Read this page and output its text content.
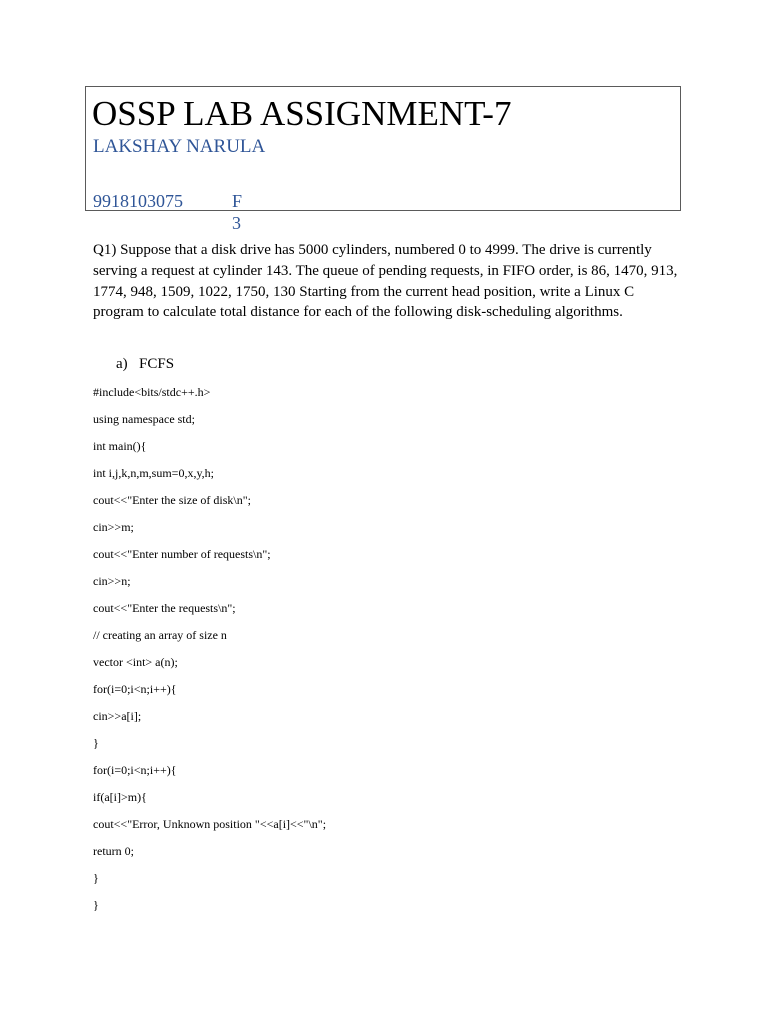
OSSP LAB ASSIGNMENT-7
LAKSHAY NARULA
9918103075	F3

Q1) Suppose that a disk drive has 5000 cylinders, numbered 0 to 4999. The drive is currently serving a request at cylinder 143. The queue of pending requests, in FIFO order, is 86, 1470, 913, 1774, 948, 1509, 1022, 1750, 130 Starting from the current head position, write a Linux C program to calculate total distance for each of the following disk-scheduling algorithms.

a) FCFS
#include<bits/stdc++.h>
using namespace std;
int main(){
int i,j,k,n,m,sum=0,x,y,h;
cout<<"Enter the size of disk\n";
cin>>m;
cout<<"Enter number of requests\n";
cin>>n;
cout<<"Enter the requests\n";
// creating an array of size n
vector <int> a(n);
for(i=0;i<n;i++){
cin>>a[i];
}
for(i=0;i<n;i++){
if(a[i]>m){
cout<<"Error, Unknown position "<<a[i]<<"\n";
return 0;
}
}
